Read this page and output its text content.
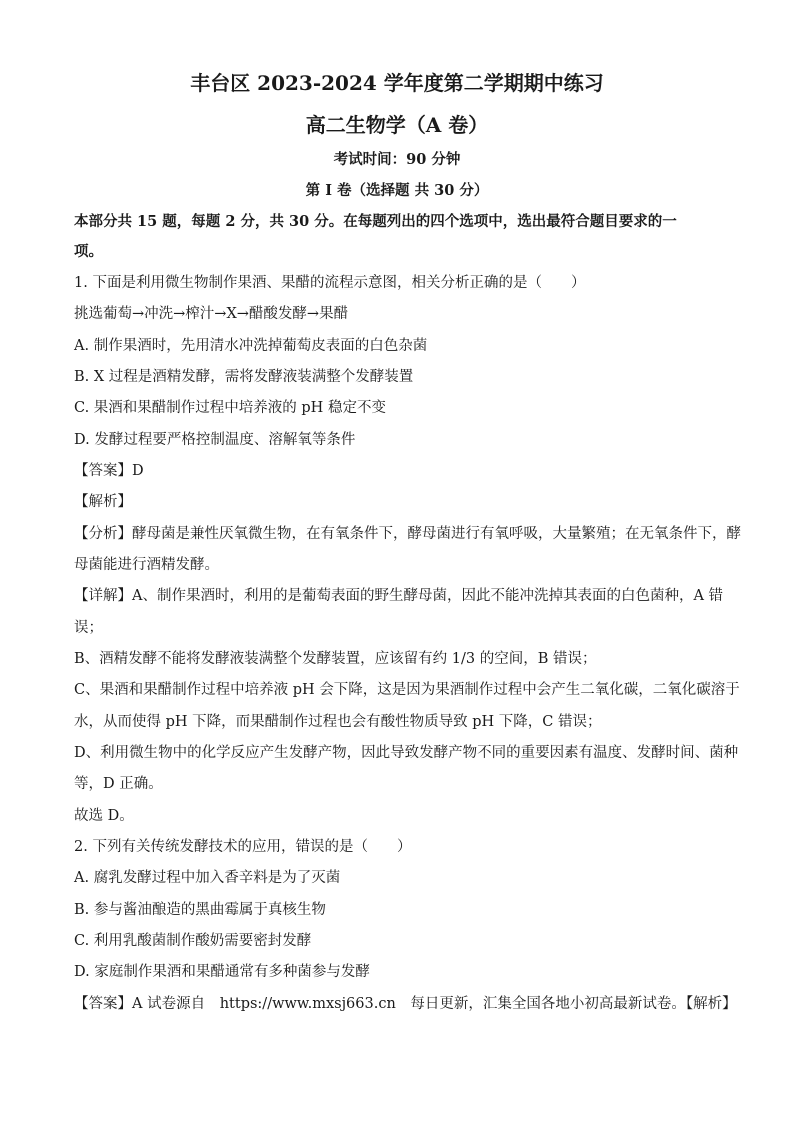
丰台区 2023-2024 学年度第二学期期中练习
高二生物学（A 卷）
考试时间：90 分钟
第 I 卷（选择题 共 30 分）
本部分共 15 题，每题 2 分，共 30 分。在每题列出的四个选项中，选出最符合题目要求的一
项。
1. 下面是利用微生物制作果酒、果醋的流程示意图，相关分析正确的是（　　）
挑选葡萄→冲洗→榨汁→X→醋酸发酵→果醋
A. 制作果酒时，先用清水冲洗掉葡萄皮表面的白色杂菌
B. X 过程是酒精发酵，需将发酵液装满整个发酵装置
C. 果酒和果醋制作过程中培养液的 pH 稳定不变
D. 发酵过程要严格控制温度、溶解氧等条件
【答案】D
【解析】
【分析】酵母菌是兼性厌氧微生物，在有氧条件下，酵母菌进行有氧呼吸，大量繁殖；在无氧条件下，酵
母菌能进行酒精发酵。
【详解】A、制作果酒时，利用的是葡萄表面的野生酵母菌，因此不能冲洗掉其表面的白色菌种，A 错
误；
B、酒精发酵不能将发酵液装满整个发酵装置，应该留有约 1/3 的空间，B 错误；
C、果酒和果醋制作过程中培养液 pH 会下降，这是因为果酒制作过程中会产生二氧化碳，二氧化碳溶于
水，从而使得 pH 下降，而果醋制作过程也会有酸性物质导致 pH 下降，C 错误；
D、利用微生物中的化学反应产生发酵产物，因此导致发酵产物不同的重要因素有温度、发酵时间、菌种
等，D 正确。
故选 D。
2. 下列有关传统发酵技术的应用，错误的是（　　）
A. 腐乳发酵过程中加入香辛料是为了灭菌
B. 参与酱油酿造的黑曲霉属于真核生物
C. 利用乳酸菌制作酸奶需要密封发酵
D. 家庭制作果酒和果醋通常有多种菌参与发酵
【答案】A 试卷源自 https://www.mxsj663.cn 每日更新，汇集全国各地小初高最新试卷。【解析】
